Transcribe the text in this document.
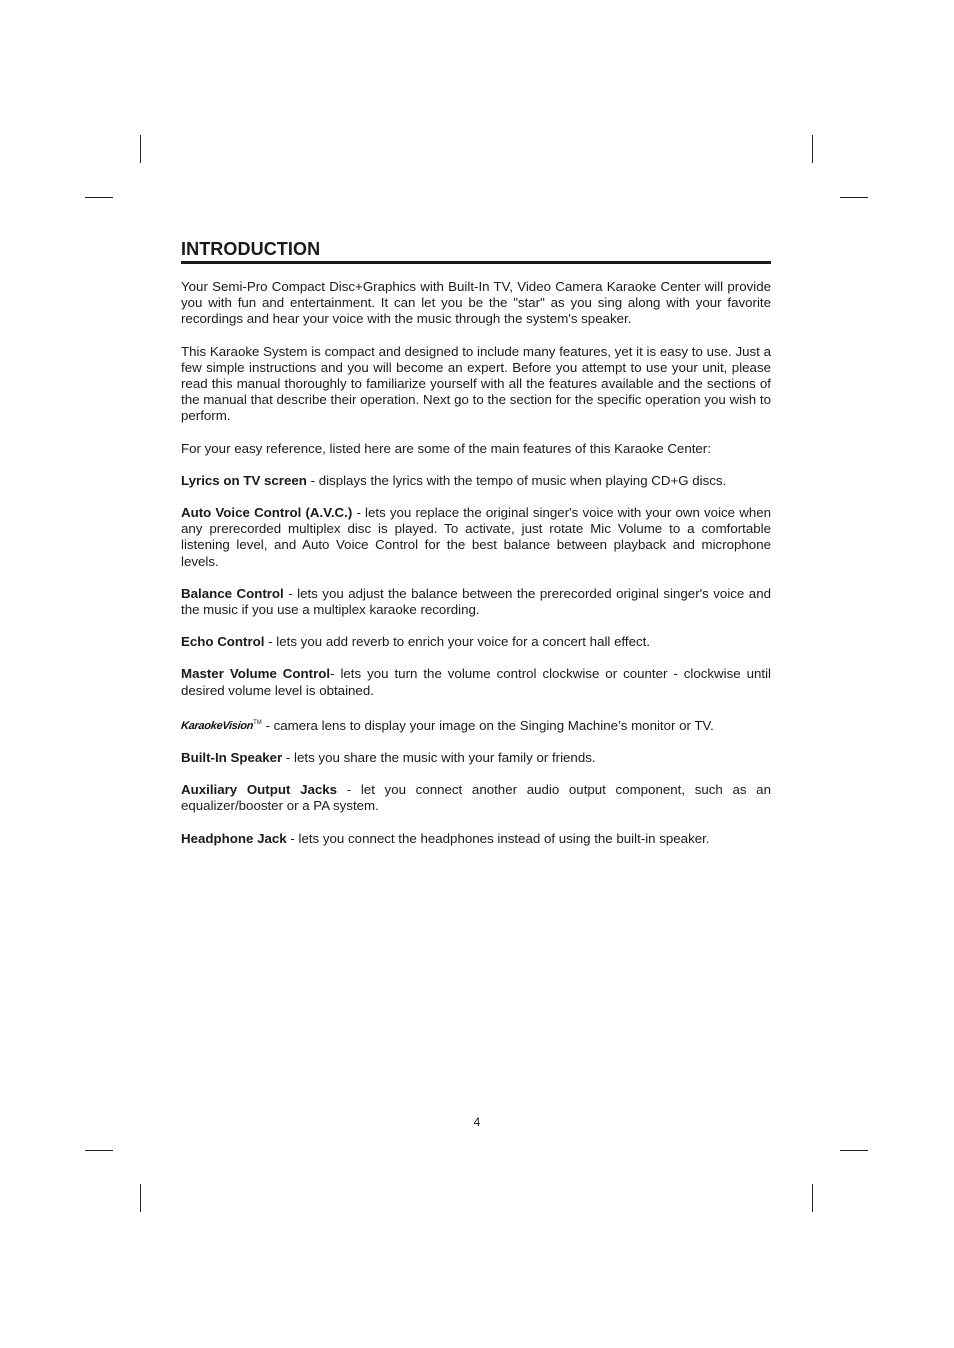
INTRODUCTION

Your Semi-Pro Compact Disc+Graphics with Built-In TV, Video Camera Karaoke Center will provide you with fun and entertainment. It can let you be the "star" as you sing along with your favorite recordings and hear your voice with the music through the system's speaker.

This Karaoke System is compact and designed to include many features, yet it is easy to use. Just a few simple instructions and you will become an expert. Before you attempt to use your unit, please read this manual thoroughly to familiarize yourself with all the features available and the sections of the manual that describe their operation. Next go to the section for the specific operation you wish to perform.

For your easy reference, listed here are some of the main features of this Karaoke Center:

Lyrics on TV screen - displays the lyrics with the tempo of music when playing CD+G discs.

Auto Voice Control (A.V.C.) - lets you replace the original singer's voice with your own voice when any prerecorded multiplex disc is played. To activate, just rotate Mic Volume to a comfortable listening level, and Auto Voice Control for the best balance between playback and microphone levels.

Balance Control - lets you adjust the balance between the prerecorded original singer's voice and the music if you use a multiplex karaoke recording.

Echo Control - lets you add reverb to enrich your voice for a concert hall effect.

Master Volume Control- lets you turn the volume control clockwise or counter - clockwise until desired volume level is obtained.

KaraokeVision™ - camera lens to display your image on the Singing Machine’s monitor or TV.

Built-In Speaker - lets you share the music with your family or friends.

Auxiliary Output Jacks - let you connect another audio output component, such as an equalizer/booster or a PA system.

Headphone Jack - lets you connect the headphones instead of using the built-in speaker.

4
